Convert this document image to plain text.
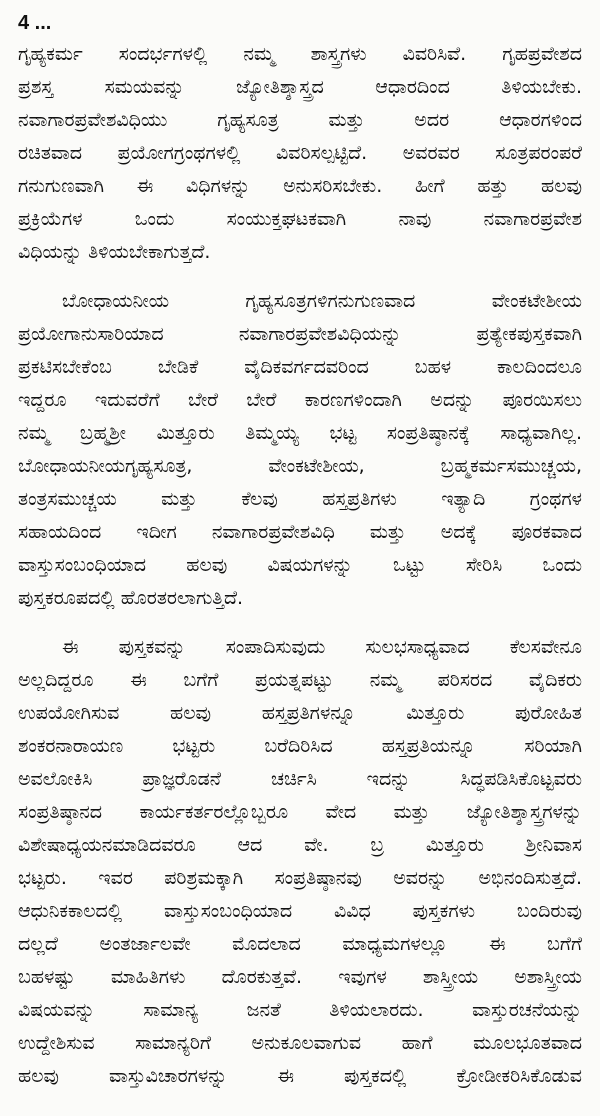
4 ...
ಗೃಹ್ಯಕರ್ಮ ಸಂದರ್ಭಗಳಲ್ಲಿ ನಮ್ಮ ಶಾಸ್ತ್ರಗಳು ವಿವರಿಸಿವೆ. ಗೃಹಪ್ರವೇಶದ
ಪ್ರಶಸ್ತ ಸಮಯವನ್ನು ಜ್ಯೋತಿಶ್ಶಾಸ್ತ್ರದ ಆಧಾರದಿಂದ ತಿಳಿಯಬೇಕು.
ನವಾಗಾರಪ್ರವೇಶವಿಧಿಯು ಗೃಹ್ಯಸೂತ್ರ ಮತ್ತು ಅದರ ಆಧಾರಗಳಿಂದ
ರಚಿತವಾದ ಪ್ರಯೋಗಗ್ರಂಥಗಳಲ್ಲಿ ವಿವರಿಸಲ್ಪಟ್ಟಿದೆ. ಅವರವರ ಸೂತ್ರಪರಂಪರೆ
ಗನುಗುಣವಾಗಿ ಈ ವಿಧಿಗಳನ್ನು ಅನುಸರಿಸಬೇಕು. ಹೀಗೆ ಹತ್ತು ಹಲವು
ಪ್ರಕ್ರಿಯೆಗಳ ಒಂದು ಸಂಯುಕ್ತಘಟಕವಾಗಿ ನಾವು ನವಾಗಾರಪ್ರವೇಶ
ವಿಧಿಯನ್ನು ತಿಳಿಯಬೇಕಾಗುತ್ತದೆ.
ಬೋಧಾಯನೀಯ ಗೃಹ್ಯಸೂತ್ರಗಳಿಗನುಗುಣವಾದ ವೇಂಕಟೇಶೀಯ
ಪ್ರಯೋಗಾನುಸಾರಿಯಾದ ನವಾಗಾರಪ್ರವೇಶವಿಧಿಯನ್ನು ಪ್ರತ್ಯೇಕಪುಸ್ತಕವಾಗಿ
ಪ್ರಕಟಿಸಬೇಕೆಂಬ ಬೇಡಿಕೆ ವೈದಿಕವರ್ಗದವರಿಂದ ಬಹಳ ಕಾಲದಿಂದಲೂ
ಇದ್ದರೂ ಇದುವರೆಗೆ ಬೇರೆ ಬೇರೆ ಕಾರಣಗಳಿಂದಾಗಿ ಅದನ್ನು ಪೂರಯಿಸಲು
ನಮ್ಮ ಬ್ರಹ್ಮಶ್ರೀ ಮಿತ್ತೂರು ತಿಮ್ಮಯ್ಯ ಭಟ್ಟ ಸಂಪ್ರತಿಷ್ಠಾನಕ್ಕೆ ಸಾಧ್ಯವಾಗಿಲ್ಲ.
ಬೋಧಾಯನೀಯಗೃಹ್ಯಸೂತ್ರ, ವೇಂಕಟೇಶೀಯ, ಬ್ರಹ್ಮಕರ್ಮಸಮುಚ್ಚಯ,
ತಂತ್ರಸಮುಚ್ಚಯ ಮತ್ತು ಕೆಲವು ಹಸ್ತಪ್ರತಿಗಳು ಇತ್ಯಾದಿ ಗ್ರಂಥಗಳ
ಸಹಾಯದಿಂದ ಇದೀಗ ನವಾಗಾರಪ್ರವೇಶವಿಧಿ ಮತ್ತು ಅದಕ್ಕೆ ಪೂರಕವಾದ
ವಾಸ್ತುಸಂಬಂಧಿಯಾದ ಹಲವು ವಿಷಯಗಳನ್ನು ಒಟ್ಟು ಸೇರಿಸಿ ಒಂದು
ಪುಸ್ತಕರೂಪದಲ್ಲಿ ಹೊರತರಲಾಗುತ್ತಿದೆ.
ಈ ಪುಸ್ತಕವನ್ನು ಸಂಪಾದಿಸುವುದು ಸುಲಭಸಾಧ್ಯವಾದ ಕೆಲಸವೇನೂ
ಅಲ್ಲದಿದ್ದರೂ ಈ ಬಗೆಗೆ ಪ್ರಯತ್ನಪಟ್ಟು ನಮ್ಮ ಪರಿಸರದ ವೈದಿಕರು
ಉಪಯೋಗಿಸುವ ಹಲವು ಹಸ್ತಪ್ರತಿಗಳನ್ನೂ ಮಿತ್ತೂರು ಪುರೋಹಿತ
ಶಂಕರನಾರಾಯಣ ಭಟ್ಟರು ಬರೆದಿರಿಸಿದ ಹಸ್ತಪ್ರತಿಯನ್ನೂ ಸರಿಯಾಗಿ
ಅವಲೋಕಿಸಿ ಪ್ರಾಜ್ಞರೊಡನೆ ಚರ್ಚಿಸಿ ಇದನ್ನು ಸಿದ್ಧಪಡಿಸಿಕೊಟ್ಟವರು
ಸಂಪ್ರತಿಷ್ಠಾನದ ಕಾರ್ಯಕರ್ತರಲ್ಲೊಬ್ಬರೂ ವೇದ ಮತ್ತು ಜ್ಯೋತಿಶ್ಶಾಸ್ತ್ರಗಳನ್ನು
ವಿಶೇಷಾಧ್ಯಯನಮಾಡಿದವರೂ ಆದ ವೇ. ಬ್ರ ಮಿತ್ತೂರು ಶ್ರೀನಿವಾಸ
ಭಟ್ಟರು. ಇವರ ಪರಿಶ್ರಮಕ್ಕಾಗಿ ಸಂಪ್ರತಿಷ್ಠಾನವು ಅವರನ್ನು ಅಭಿನಂದಿಸುತ್ತದೆ.
ಆಧುನಿಕಕಾಲದಲ್ಲಿ ವಾಸ್ತುಸಂಬಂಧಿಯಾದ ವಿವಿಧ ಪುಸ್ತಕಗಳು ಬಂದಿರುವು
ದಲ್ಲದೆ ಅಂತರ್ಜಾಲವೇ ಮೊದಲಾದ ಮಾಧ್ಯಮಗಳಲ್ಲೂ ಈ ಬಗೆಗೆ
ಬಹಳಷ್ಟು ಮಾಹಿತಿಗಳು ದೊರಕುತ್ತವೆ. ಇವುಗಳ ಶಾಸ್ತ್ರೀಯ ಅಶಾಸ್ತ್ರೀಯ
ವಿಷಯವನ್ನು ಸಾಮಾನ್ಯ ಜನತೆ ತಿಳಿಯಲಾರದು. ವಾಸ್ತುರಚನೆಯನ್ನು
ಉದ್ದೇಶಿಸುವ ಸಾಮಾನ್ಯರಿಗೆ ಅನುಕೂಲವಾಗುವ ಹಾಗೆ ಮೂಲಭೂತವಾದ
ಹಲವು ವಾಸ್ತುವಿಚಾರಗಳನ್ನು ಈ ಪುಸ್ತಕದಲ್ಲಿ ಕ್ರೋಡೀಕರಿಸಿಕೊಡುವ
